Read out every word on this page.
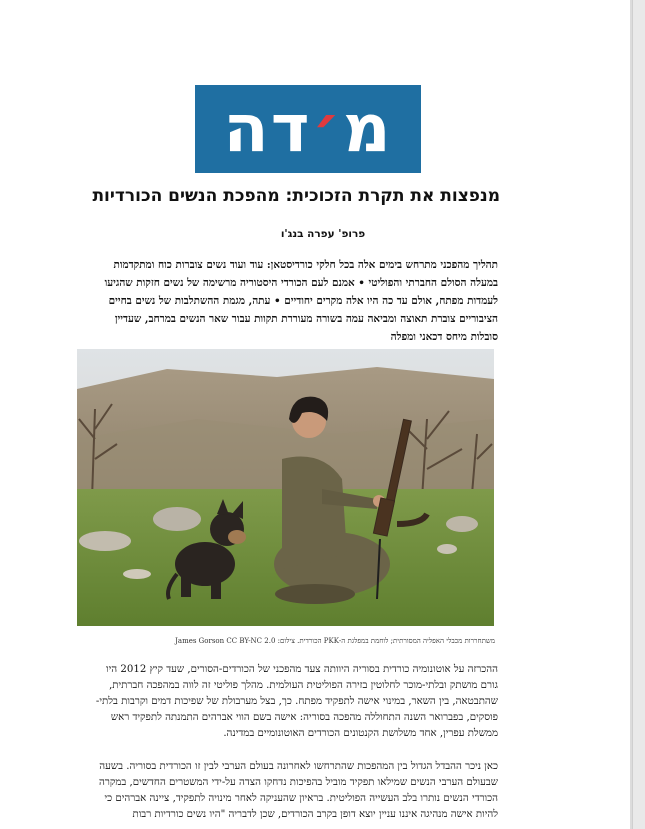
מ׳דה
מנפצות את תקרת הזכוכית: מהפכת הנשים הכורדיות
פרופ' עפרה בנג'ו
תהליך מהפכני מתרחש בימים אלה בכל חלקי כורדיסטאן: עוד ועוד נשים צוברות כוח ומתקדמות
במעלה הסולם החברתי והפוליטי • אמנם לעם הכורדי היסטוריה מרשימה של נשים חזקות שהגיעו
לעמדות מפתח, אולם עד כה היו אלה מקרים יחודיים • עתה, מגמת ההשתלבות של נשים בחיים
הציבוריים צוברת תאוצה ומביאה עמה בשורה מעוררת תקוות עבור שאר הנשים במרחב, שעדיין
סובלות מיחס דכאני ומפלה
משתחררות מכבלי האפליה המסורתית; לוחמת במפלגת ה-PKK הכורדית. צילום: James Gorson CC BY-NC 2.0
ההכרזה על אוטונומיה כורדית בסוריה היוותה צעד מהפכני של הכורדים-הסורים, שעד קיץ 2012 היו
גורם מושתק ובלתי-מוכר לחלוטין בזירה הפוליטית העולמית. מהלך פוליטי זה לווה במהפכה חברתית,
שהתבטאה, בין השאר, במינוי אישה לתפקיד מפתח. כך, בצל מערבולת של שפיכות דמים וקרבות בלתי-
פוסקים, בפברואר השנה התחוללה מהפכה בסוריה: אישה בשם הווי אברהים התמנתה לתפקיד ראש
ממשלת עפרין, אחד משלושת הקנטונים הכורדים האוטונומיים במדינה.
כאן ניכר ההבדל הגדול בין המהפכות שהתרחשו לאחרונה בעולם הערבי לבין זו הכורדית בסוריה. בשעה
שבעולם הערבי הנשים שמילאו תפקיד מוביל בהפיכות נדחקו הצדה על-ידי המשטרים החדשים, במקרה
הכורדי הנשים נותרו בלב העשייה הפוליטית. בראיון שהעניקה לאחר מינויה לתפקיד, ציינה אברהים כי
להיות אישה מנהיגה איננו עניין יוצא דופן בקרב הכורדים, שכן לדבריה "היו נשים כורדיות רבות
